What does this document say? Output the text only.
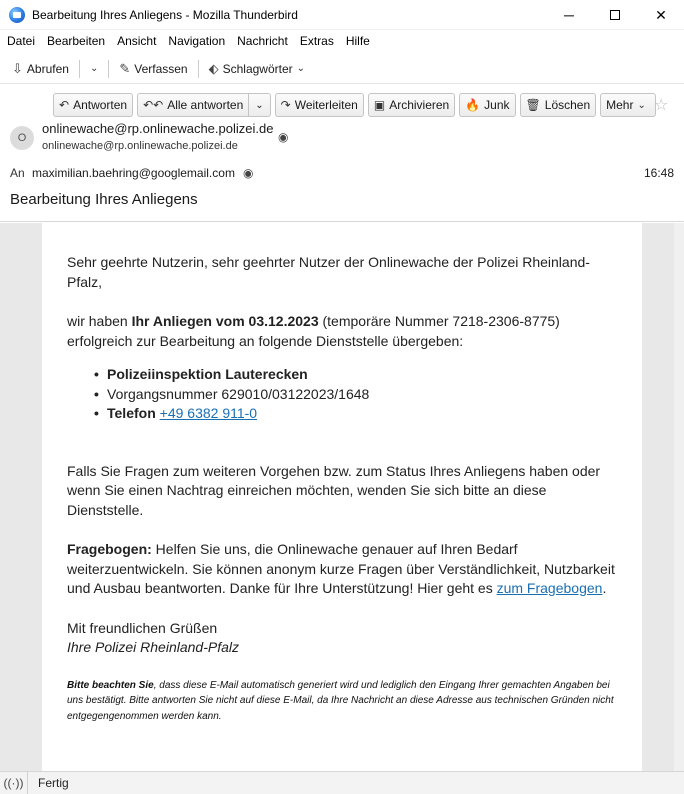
Bearbeitung Ihres Anliegens - Mozilla Thunderbird	─	✕
Datei Bearbeiten Ansicht Navigation Nachricht Extras Hilfe
⇩ Abrufen	⌄	✎ Verfassen ⬖ Schlagwörter ⌄
↶ Antworten ↶↶ Alle antworten ⌄ ↷ Weiterleiten ▣ Archivieren 🔥 Junk 🗑 Löschen Mehr ⌄ ☆
O
onlinewache@rp.onlinewache.polizei.de
◉
onlinewache@rp.onlinewache.polizei.de
An maximilian.baehring@googlemail.com ◉	16:48
Bearbeitung Ihres Anliegens

Sehr geehrte Nutzerin, sehr geehrter Nutzer der Onlinewache der Polizei Rheinland-Pfalz,

wir haben Ihr Anliegen vom 03.12.2023 (temporäre Nummer 7218-2306-8775) erfolgreich zur Bearbeitung an folgende Dienststelle übergeben:

• Polizeiinspektion Lauterecken
• Vorgangsnummer 629010/03122023/1648
• Telefon +49 6382 911-0

Falls Sie Fragen zum weiteren Vorgehen bzw. zum Status Ihres Anliegens haben oder wenn Sie einen Nachtrag einreichen möchten, wenden Sie sich bitte an diese Dienststelle.

Fragebogen: Helfen Sie uns, die Onlinewache genauer auf Ihren Bedarf weiterzuentwickeln. Sie können anonym kurze Fragen über Verständlichkeit, Nutzbarkeit und Ausbau beantworten. Danke für Ihre Unterstützung! Hier geht es zum Fragebogen.

Mit freundlichen Grüßen
Ihre Polizei Rheinland-Pfalz
Bitte beachten Sie, dass diese E-Mail automatisch generiert wird und lediglich den Eingang Ihrer gemachten Angaben bei uns bestätigt. Bitte antworten Sie nicht auf diese E-Mail, da Ihre Nachricht an diese Adresse aus technischen Gründen nicht entgegengenommen werden kann.
((·))	Fertig
